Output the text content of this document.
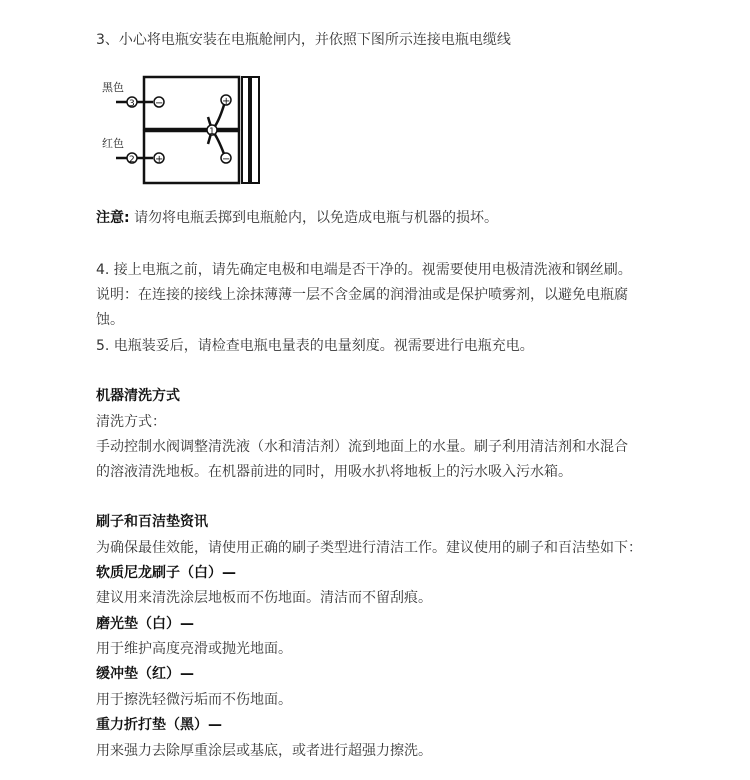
3、小心将电瓶安装在电瓶舱闸内，并依照下图所示连接电瓶电缆线
黑色
红色
3 −
2 +
1
+
−
注意: 请勿将电瓶丢掷到电瓶舱内，以免造成电瓶与机器的损坏。
4. 接上电瓶之前，请先确定电极和电端是否干净的。视需要使用电极清洗液和钢丝刷。
说明：在连接的接线上涂抹薄薄一层不含金属的润滑油或是保护喷雾剂，以避免电瓶腐
蚀。
5. 电瓶装妥后，请检查电瓶电量表的电量刻度。视需要进行电瓶充电。
机器清洗方式
清洗方式：
手动控制水阀调整清洗液（水和清洁剂）流到地面上的水量。刷子利用清洁剂和水混合
的溶液清洗地板。在机器前进的同时，用吸水扒将地板上的污水吸入污水箱。
刷子和百洁垫资讯
为确保最佳效能，请使用正确的刷子类型进行清洁工作。建议使用的刷子和百洁垫如下：
软质尼龙刷子（白）—
建议用来清洗涂层地板而不伤地面。清洁而不留刮痕。
磨光垫（白）—
用于维护高度亮滑或抛光地面。
缓冲垫（红）—
用于擦洗轻微污垢而不伤地面。
重力折打垫（黑）—
用来强力去除厚重涂层或基底，或者进行超强力擦洗。
